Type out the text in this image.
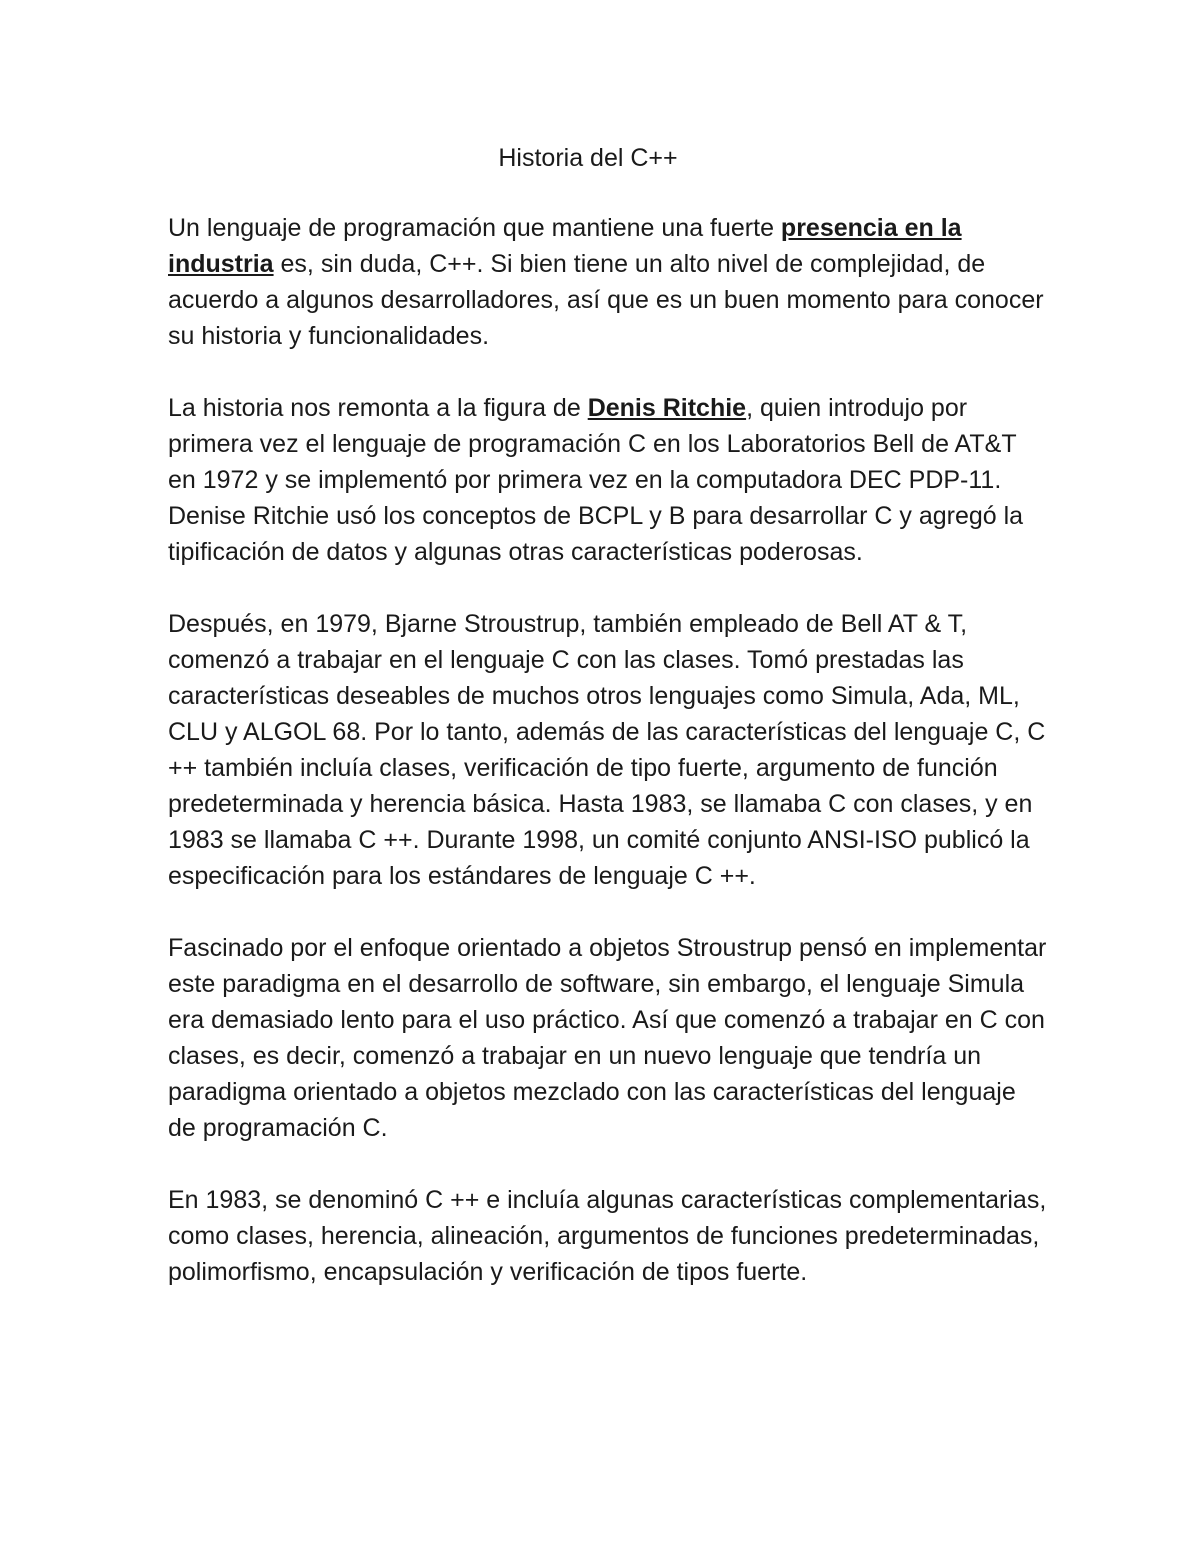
Historia del C++

Un lenguaje de programación que mantiene una fuerte presencia en la industria es, sin duda, C++. Si bien tiene un alto nivel de complejidad, de acuerdo a algunos desarrolladores, así que es un buen momento para conocer su historia y funcionalidades.

La historia nos remonta a la figura de Denis Ritchie, quien introdujo por primera vez el lenguaje de programación C en los Laboratorios Bell de AT&T en 1972 y se implementó por primera vez en la computadora DEC PDP-11. Denise Ritchie usó los conceptos de BCPL y B para desarrollar C y agregó la tipificación de datos y algunas otras características poderosas.

Después, en 1979, Bjarne Stroustrup, también empleado de Bell AT & T, comenzó a trabajar en el lenguaje C con las clases. Tomó prestadas las características deseables de muchos otros lenguajes como Simula, Ada, ML, CLU y ALGOL 68. Por lo tanto, además de las características del lenguaje C, C ++ también incluía clases, verificación de tipo fuerte, argumento de función predeterminada y herencia básica. Hasta 1983, se llamaba C con clases, y en 1983 se llamaba C ++. Durante 1998, un comité conjunto ANSI-ISO publicó la especificación para los estándares de lenguaje C ++.

Fascinado por el enfoque orientado a objetos Stroustrup pensó en implementar este paradigma en el desarrollo de software, sin embargo, el lenguaje Simula era demasiado lento para el uso práctico. Así que comenzó a trabajar en C con clases, es decir, comenzó a trabajar en un nuevo lenguaje que tendría un paradigma orientado a objetos mezclado con las características del lenguaje de programación C.

En 1983, se denominó C ++ e incluía algunas características complementarias, como clases, herencia, alineación, argumentos de funciones predeterminadas, polimorfismo, encapsulación y verificación de tipos fuerte.
